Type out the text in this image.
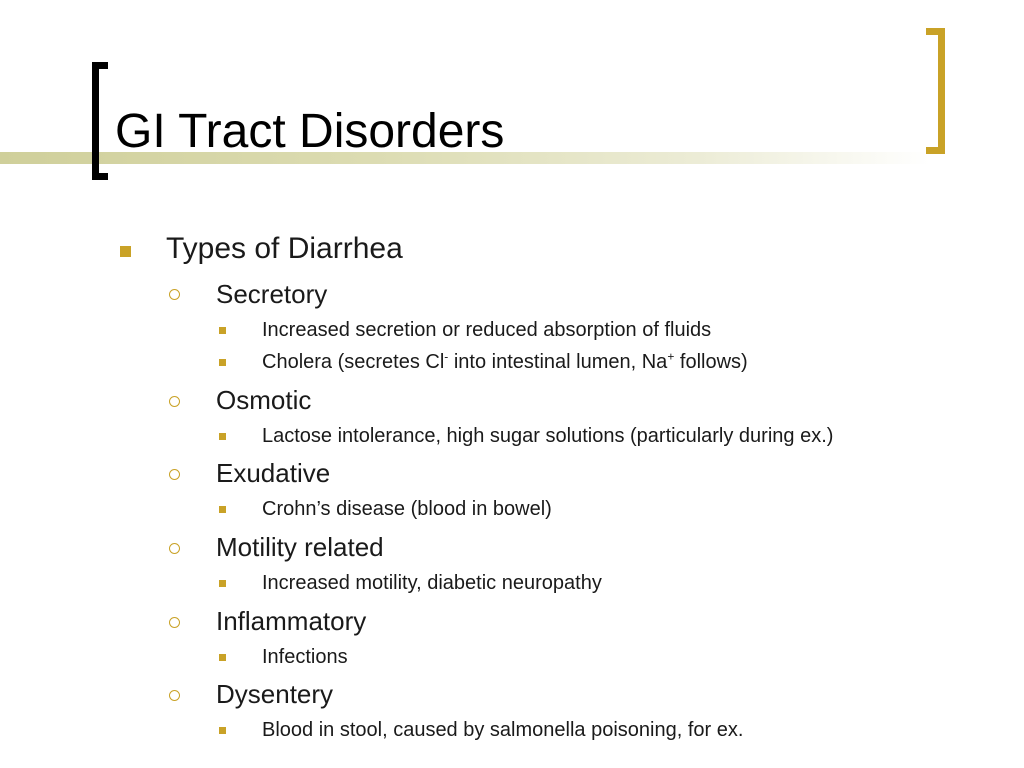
GI Tract Disorders
Types of Diarrhea
Secretory
Increased secretion or reduced absorption of fluids
Cholera (secretes Cl- into intestinal lumen, Na+ follows)
Osmotic
Lactose intolerance, high sugar solutions (particularly during ex.)
Exudative
Crohn’s disease (blood in bowel)
Motility related
Increased motility, diabetic neuropathy
Inflammatory
Infections
Dysentery
Blood in stool, caused by salmonella poisoning, for ex.
